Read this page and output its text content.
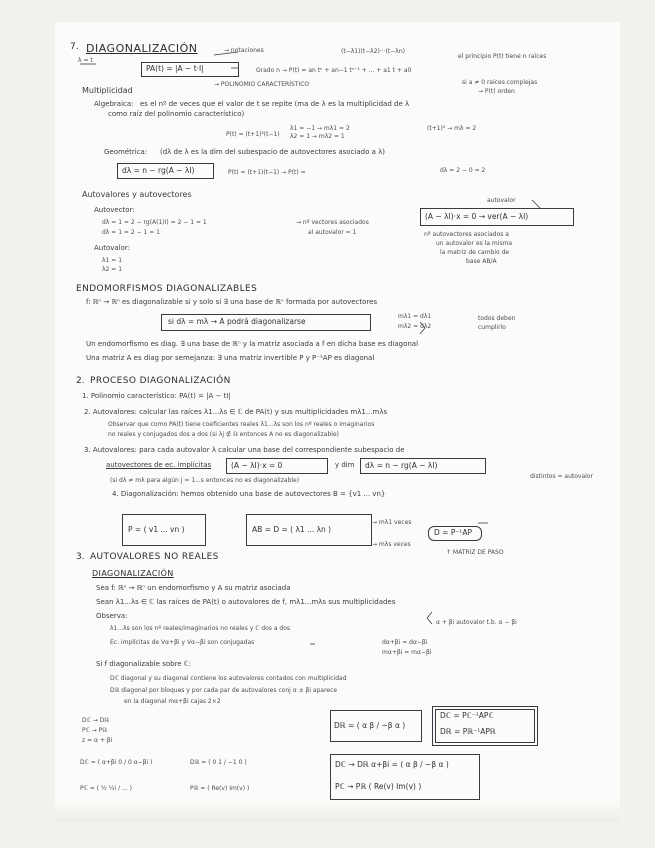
7. DIAGONALIZACIÓN	→ notaciones	(t−λ1)(t−λ2)···(t−λn)
el principio P(t) tiene n raíces
λ = t
PA(t) = |A − t·I|	Grado n → P(t) = an tⁿ + an−1 tⁿ⁻¹ + ... + a1 t + a0
si a ≠ 0 raíces complejas
→ P(t) orden
→ POLINOMIO CARACTERÍSTICO
Multiplicidad
Algebraica: es el nº de veces que el valor de t se repite (ma de λ es la multiplicidad de λ
como raíz del polinomio característico)
P(t) = (t+1)²(t−1)
λ1 = −1 → mλ1 = 2
λ2 = 1 → mλ2 = 1
(t+1)² → mλ = 2
Geométrica: (dλ de λ es la dim del subespacio de autovectores asociado a λ)
dλ = n − rg(A − λI)	P(t) = (t+1)(t−1) → P(t) =	dλ = 2 − 0 = 2
Autovalores y autovectores
autovalor
Autovector:
dλ = 1 = 2 − rg(A(1)I) = 2 − 1 = 1
dλ = 1 = 2 − 1 = 1
→ nº vectores asociados
al autovalor = 1
(A − λI)·x = 0 → ver(A − λI)
nº autovectores asociados a
un autovalor es la misma
la matriz de cambio de
base AB/A
Autovalor:
λ1 = 1
λ2 = 1
ENDOMORFISMOS DIAGONALIZABLES
f: ℝⁿ → ℝⁿ es diagonalizable si y solo si ∃ una base de ℝⁿ formada por autovectores
si dλ = mλ → A podrá diagonalizarse
mλ1 = dλ1
mλ2 = dλ2
todos deben
cumplirlo
Un endomorfismo es diag. ∃ una base de ℝⁿ y la matriz asociada a f en dicha base es diagonal
Una matriz A es diag por semejanza: ∃ una matriz invertible P y P⁻¹AP es diagonal
2. PROCESO DIAGONALIZACIÓN
1. Polinomio característico: PA(t) = |A − tI|
2. Autovalores: calcular las raíces λ1...λs ∈ ℂ de PA(t) y sus multiplicidades mλ1...mλs
Observar que como PA(t) tiene coeficientes reales λ1...λs son los nº reales o imaginarios
no reales y conjugados dos a dos (si λj ∉ ℝ entonces A no es diagonalizable)
3. Autovalores: para cada autovalor λ calcular una base del correspondiente subespacio de
autovectores de ec. implícitas	(A − λI)·x = 0	y dim dλ = n − rg(A − λI)
(si dλ ≠ mλ para algún j = 1...s entonces no es diagonalizable)
distintos = autovalor
4. Diagonalización: hemos obtenido una base de autovectores B = {v1 ... vn}
P = ( v1 ... vn )	AB = D = ( λ1 ... λn )
→ mλ1 veces
→ mλs veces
D = P⁻¹AP
↑ MATRIZ DE PASO
3. AUTOVALORES NO REALES
DIAGONALIZACIÓN
Sea f: ℝⁿ → ℝⁿ un endomorfismo y A su matriz asociada
Sean λ1...λs ∈ ℂ las raíces de PA(t) o autovalores de f, mλ1...mλs sus multiplicidades
Observa:
λ1...λs son los nº reales/imaginarios no reales y ℂ dos a dos
α + βi autovalor t.b. α − βi
Ec. implícitas de Vα+βi y Vα−βi son conjugadas	dα+βi = dα−βi
mα+βi = mα−βi
Si f diagonalizable sobre ℂ:
Dℂ diagonal y su diagonal contiene los autovalores contados con multiplicidad
Dℝ diagonal por bloques y por cada par de autovalores conj α ± βi aparece
en la diagonal mα+βi cajas 2×2
Dℂ → Dℝ
Pℂ → Pℝ
z = α + βi
Dℝ = ( α β / −β α )
Dℂ = Pℂ⁻¹APℂ
Dℝ = Pℝ⁻¹APℝ
Dℂ = ( α+βi 0 / 0 α−βi )	Dℝ = ( 0 1 / −1 0 )
Pℂ = ( ½ ½i / ... )	Pℝ = ( Re(v) Im(v) )
Dℂ → Dℝ α+βi = ( α β / −β α )
Pℂ → Pℝ ( Re(v) Im(v) )
